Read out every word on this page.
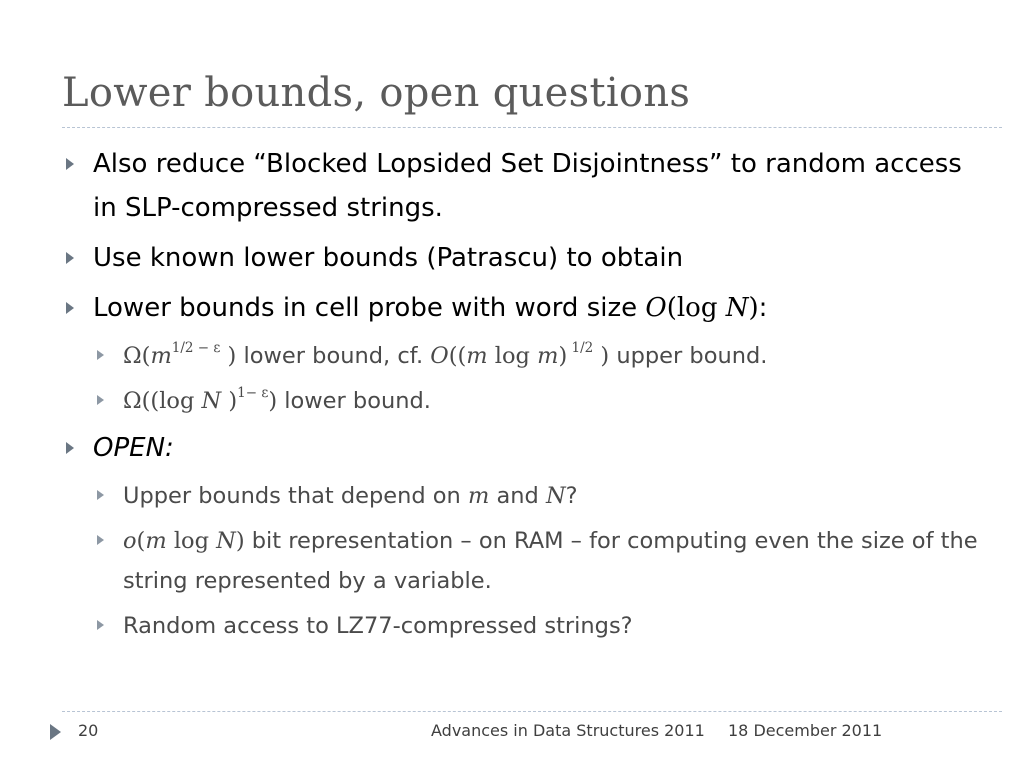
Lower bounds, open questions
Also reduce “Blocked Lopsided Set Disjointness” to random access in SLP-compressed strings.
Use known lower bounds (Patrascu) to obtain
Lower bounds in cell probe with word size O(log N):
$\Omega(m^{1/2 - \varepsilon}$ ) lower bound, cf. O((m log m) $^{1/2}$ ) upper bound.
Ω((log N )$^{1- \varepsilon}$) lower bound.
OPEN:
Upper bounds that depend on m and N?
o(m log N) bit representation – on RAM – for computing even the size of the string represented by a variable.
Random access to LZ77-compressed strings?
20	Advances in Data Structures 2011 18 December 2011
